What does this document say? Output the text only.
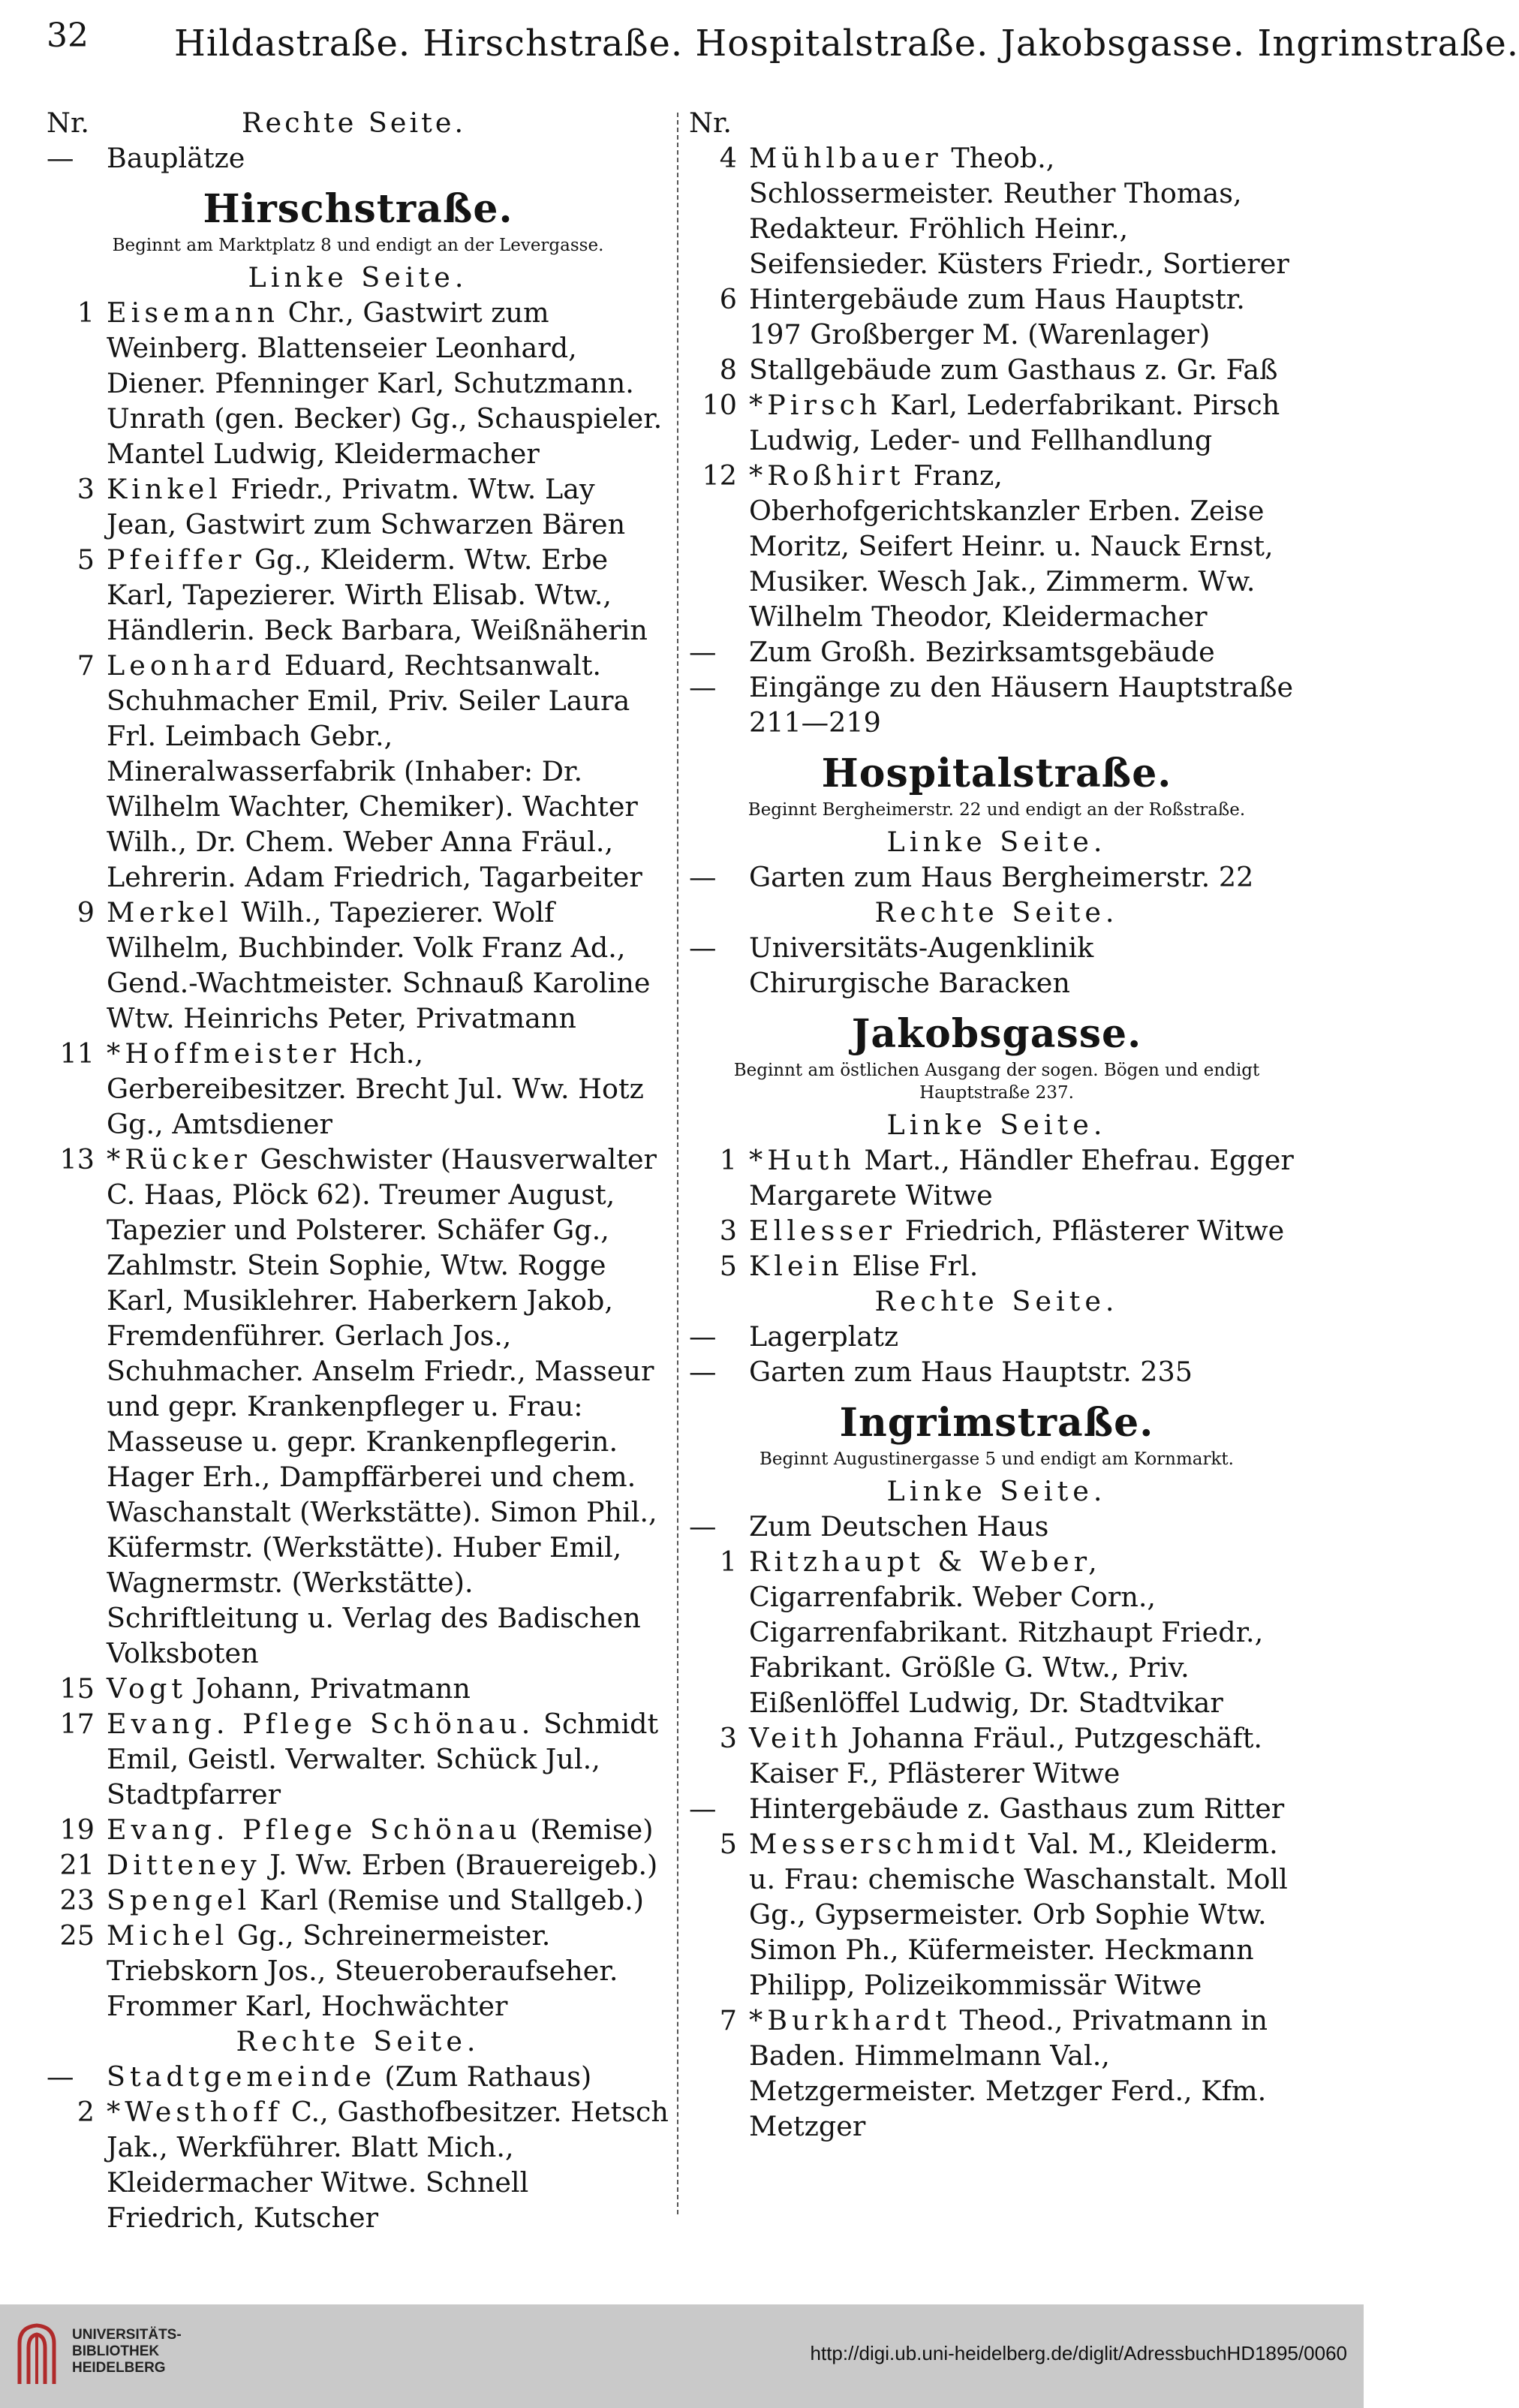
32 Hildastraße. Hirschstraße. Hospitalstraße. Jakobsgasse. Ingrimstraße.
Nr.	Rechte Seite.
—	Bauplätze
Hirschstraße.
Beginnt am Marktplatz 8 und endigt an der Levergasse.
Linke Seite.
1 Eisemann Chr., Gastwirt zum Weinberg. Blattenseier Leonhard, Diener. Pfenninger Karl, Schutzmann. Unrath (gen. Becker) Gg., Schauspieler. Mantel Ludwig, Kleidermacher
3 Kinkel Friedr., Privatm. Wtw. Lay Jean, Gastwirt zum Schwarzen Bären
5 Pfeiffer Gg., Kleiderm. Wtw. Erbe Karl, Tapezierer. Wirth Elisab. Wtw., Händlerin. Beck Barbara, Weißnäherin
7 Leonhard Eduard, Rechtsanwalt. Schuhmacher Emil, Priv. Seiler Laura Frl. Leimbach Gebr., Mineralwasserfabrik (Inhaber: Dr. Wilhelm Wachter, Chemiker). Wachter Wilh., Dr. Chem. Weber Anna Fräul., Lehrerin. Adam Friedrich, Tagarbeiter
9 Merkel Wilh., Tapezierer. Wolf Wilhelm, Buchbinder. Volk Franz Ad., Gend.-Wachtmeister. Schnauß Karoline Wtw. Heinrichs Peter, Privatmann
11 *Hoffmeister Hch., Gerbereibesitzer. Brecht Jul. Ww. Hotz Gg., Amtsdiener
13 *Rücker Geschwister (Hausverwalter C. Haas, Plöck 62). Treumer August, Tapezier und Polsterer. Schäfer Gg., Zahlmstr. Stein Sophie, Wtw. Rogge Karl, Musiklehrer. Haberkern Jakob, Fremdenführer. Gerlach Jos., Schuhmacher. Anselm Friedr., Masseur und gepr. Krankenpfleger u. Frau: Masseuse u. gepr. Krankenpflegerin. Hager Erh., Dampffärberei und chem. Waschanstalt (Werkstätte). Simon Phil., Küfermstr. (Werkstätte). Huber Emil, Wagnermstr. (Werkstätte). Schriftleitung u. Verlag des Badischen Volksboten
15 Vogt Johann, Privatmann
17 Evang. Pflege Schönau. Schmidt Emil, Geistl. Verwalter. Schück Jul., Stadtpfarrer
19 Evang. Pflege Schönau (Remise)
21 Ditteney J. Ww. Erben (Brauereigeb.)
23 Spengel Karl (Remise und Stallgeb.)
25 Michel Gg., Schreinermeister. Triebskorn Jos., Steueroberaufseher. Frommer Karl, Hochwächter
Rechte Seite.
—	Stadtgemeinde (Zum Rathaus)
2 *Westhoff C., Gasthofbesitzer. Hetsch Jak., Werkführer. Blatt Mich., Kleidermacher Witwe. Schnell Friedrich, Kutscher
Nr.
4 Mühlbauer Theob., Schlossermeister. Reuther Thomas, Redakteur. Fröhlich Heinr., Seifensieder. Küsters Friedr., Sortierer
6 Hintergebäude zum Haus Hauptstr. 197 Großberger M. (Warenlager)
8 Stallgebäude zum Gasthaus z. Gr. Faß
10 *Pirsch Karl, Lederfabrikant. Pirsch Ludwig, Leder- und Fellhandlung
12 *Roßhirt Franz, Oberhofgerichtskanzler Erben. Zeise Moritz, Seifert Heinr. u. Nauck Ernst, Musiker. Wesch Jak., Zimmerm. Ww. Wilhelm Theodor, Kleidermacher
—	Zum Großh. Bezirksamtsgebäude
—	Eingänge zu den Häusern Hauptstraße 211—219
Hospitalstraße.
Beginnt Bergheimerstr. 22 und endigt an der Roßstraße.
Linke Seite.
—	Garten zum Haus Bergheimerstr. 22
Rechte Seite.
—	Universitäts-Augenklinik
Chirurgische Baracken
Jakobsgasse.
Beginnt am östlichen Ausgang der sogen. Bögen und endigt Hauptstraße 237.
Linke Seite.
1 *Huth Mart., Händler Ehefrau. Egger Margarete Witwe
3 Ellesser Friedrich, Pflästerer Witwe
5 Klein Elise Frl.
Rechte Seite.
—	Lagerplatz
—	Garten zum Haus Hauptstr. 235
Ingrimstraße.
Beginnt Augustinergasse 5 und endigt am Kornmarkt.
Linke Seite.
—	Zum Deutschen Haus
1 Ritzhaupt & Weber, Cigarrenfabrik. Weber Corn., Cigarrenfabrikant. Ritzhaupt Friedr., Fabrikant. Größle G. Wtw., Priv. Eißenlöffel Ludwig, Dr. Stadtvikar
3 Veith Johanna Fräul., Putzgeschäft. Kaiser F., Pflästerer Witwe
—	Hintergebäude z. Gasthaus zum Ritter
5 Messerschmidt Val. M., Kleiderm. u. Frau: chemische Waschanstalt. Moll Gg., Gypsermeister. Orb Sophie Wtw. Simon Ph., Küfermeister. Heckmann Philipp, Polizeikommissär Witwe
7 *Burkhardt Theod., Privatmann in Baden. Himmelmann Val., Metzgermeister. Metzger Ferd., Kfm. Metzger
UNIVERSITÄTS-
BIBLIOTHEK
HEIDELBERG
http://digi.ub.uni-heidelberg.de/diglit/AdressbuchHD1895/0060
